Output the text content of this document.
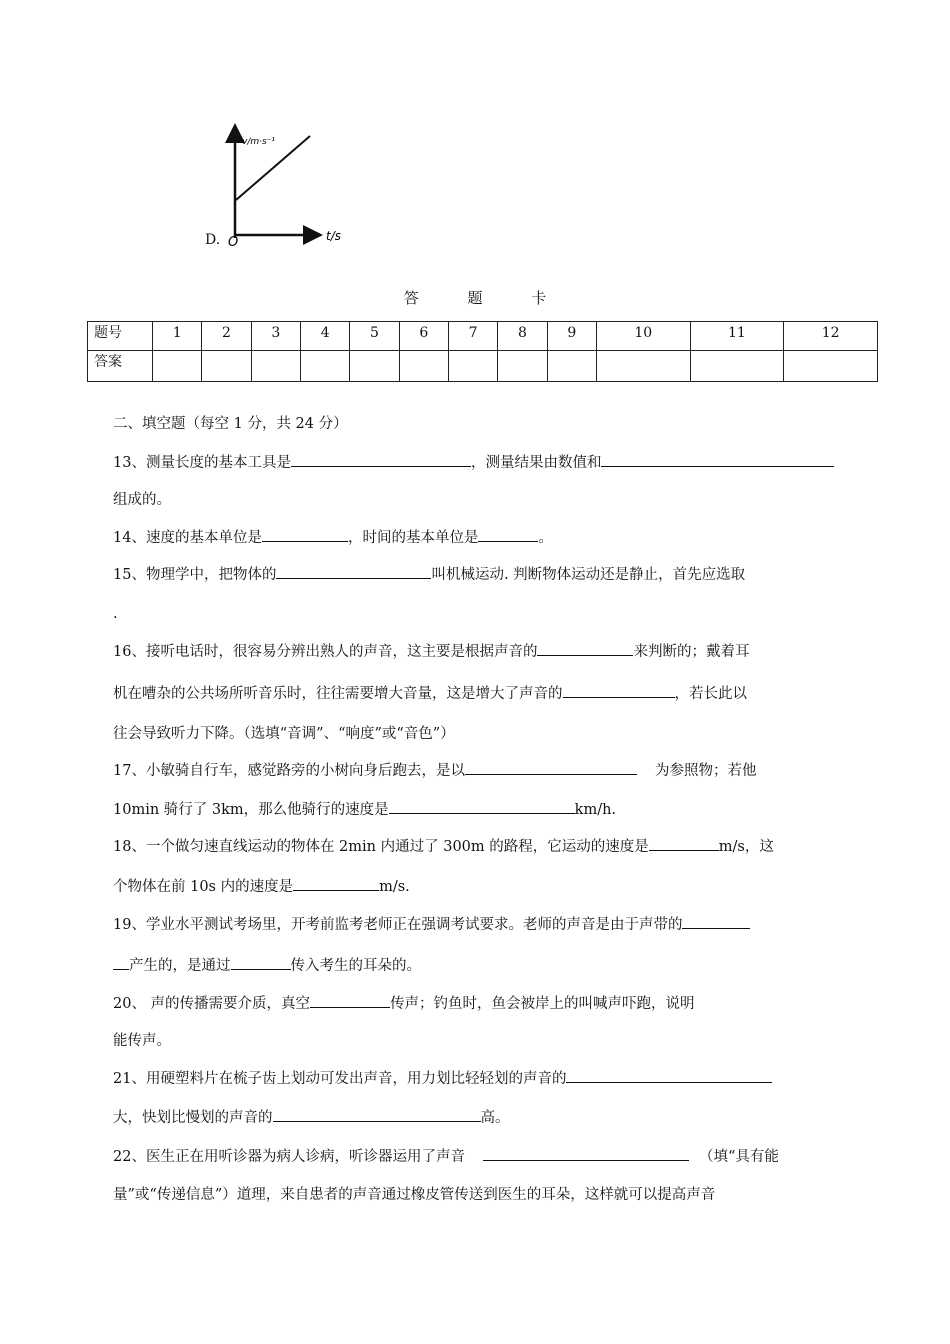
v/m·s⁻¹
t/s
O
D.
答	题	卡
题号	1	2	3	4	5	6	7	8	9	10	11	12
答案												
二、填空题（每空 1 分，共 24 分）
13、测量长度的基本工具是	，测量结果由数值和
组成的。
14、速度的基本单位是	，时间的基本单位是	。
15、物理学中，把物体的	叫机械运动. 判断物体运动还是静止，首先应选取
.
16、接听电话时，很容易分辨出熟人的声音，这主要是根据声音的	来判断的；戴着耳
机在嘈杂的公共场所听音乐时，往往需要增大音量，这是增大了声音的	，若长此以
往会导致听力下降。（选填“音调”、“响度”或“音色”）
17、小敏骑自行车，感觉路旁的小树向身后跑去，是以	为参照物；若他
10min 骑行了 3km，那么他骑行的速度是	km/h.
18、一个做匀速直线运动的物体在 2min 内通过了 300m 的路程，它运动的速度是	m/s，这
个物体在前 10s 内的速度是	m/s.
19、学业水平测试考场里，开考前监考老师正在强调考试要求。老师的声音是由于声带的
产生的，是通过	传入考生的耳朵的。
20、 声的传播需要介质，真空	传声；钓鱼时，鱼会被岸上的叫喊声吓跑，说明
能传声。
21、用硬塑料片在梳子齿上划动可发出声音，用力划比轻轻划的声音的
大，快划比慢划的声音的	高。
22、医生正在用听诊器为病人诊病，听诊器运用了声音	（填“具有能
量”或“传递信息”）道理，来自患者的声音通过橡皮管传送到医生的耳朵，这样就可以提高声音
